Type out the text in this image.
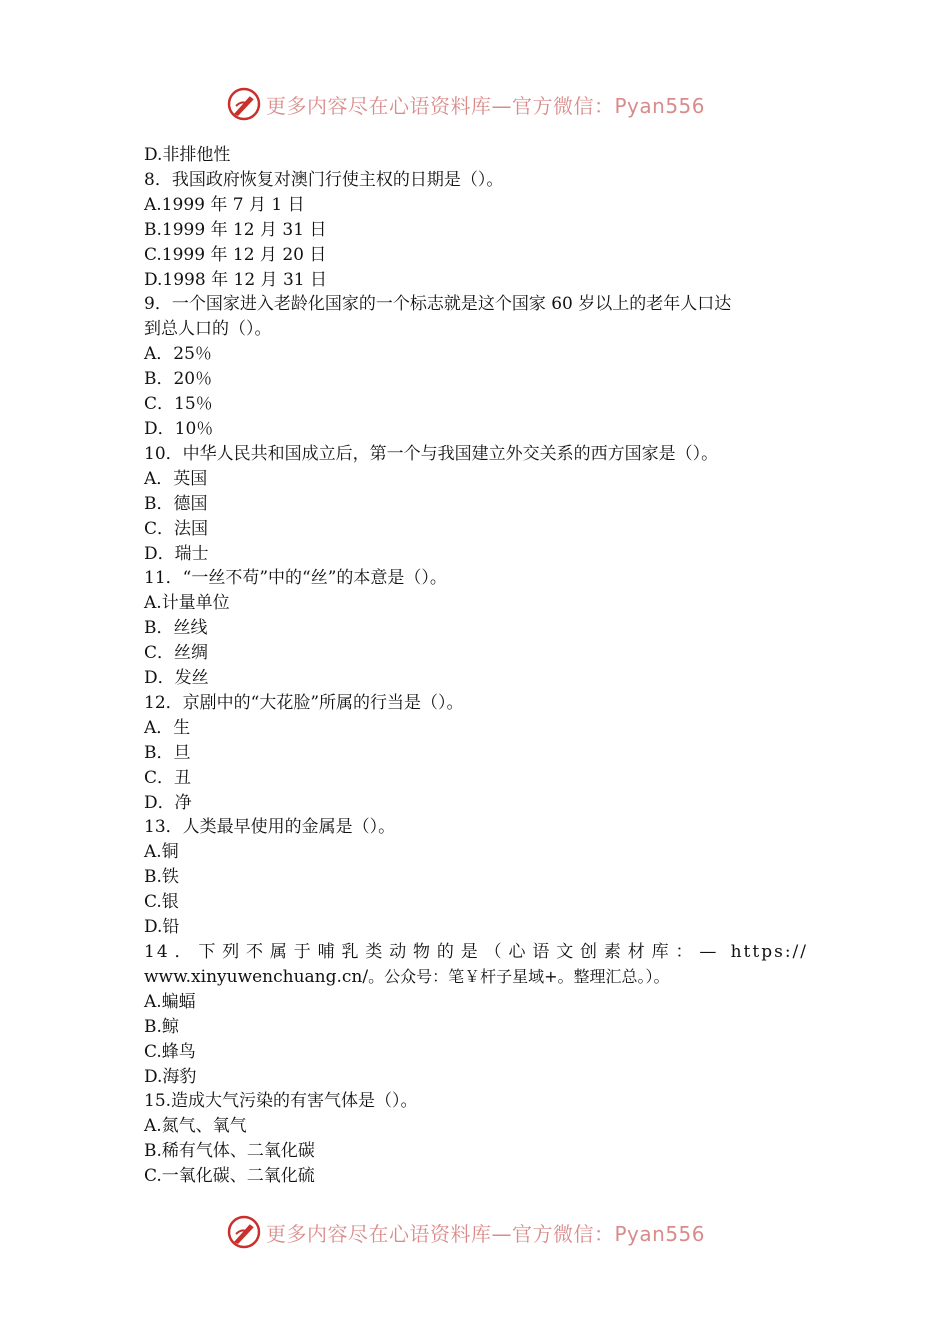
更多内容尽在心语资料库—官方微信：Pyan556
D.非排他性
8．我国政府恢复对澳门行使主权的日期是（）。
A.1999 年 7 月 1 日
B.1999 年 12 月 31 日
C.1999 年 12 月 20 日
D.1998 年 12 月 31 日
9．一个国家进入老龄化国家的一个标志就是这个国家 60 岁以上的老年人口达
到总人口的（）。
A．25％
B．20％
C．15％
D．10％
10．中华人民共和国成立后，第一个与我国建立外交关系的西方国家是（）。
A．英国
B．德国
C．法国
D．瑞士
11．“一丝不苟”中的“丝”的本意是（）。
A.计量单位
B．丝线
C．丝绸
D．发丝
12．京剧中的“大花脸”所属的行当是（）。
A．生
B．旦
C．丑
D．净
13．人类最早使用的金属是（）。
A.铜
B.铁
C.银
D.铅
14．下列不属于哺乳类动物的是（心语文创素材库：— https://
www.xinyuwenchuang.cn/。公众号：笔￥杆子星域+。整理汇总。）。
A.蝙蝠
B.鲸
C.蜂鸟
D.海豹
15.造成大气污染的有害气体是（）。
A.氮气、氧气
B.稀有气体、二氧化碳
C.一氧化碳、二氧化硫
更多内容尽在心语资料库—官方微信：Pyan556
